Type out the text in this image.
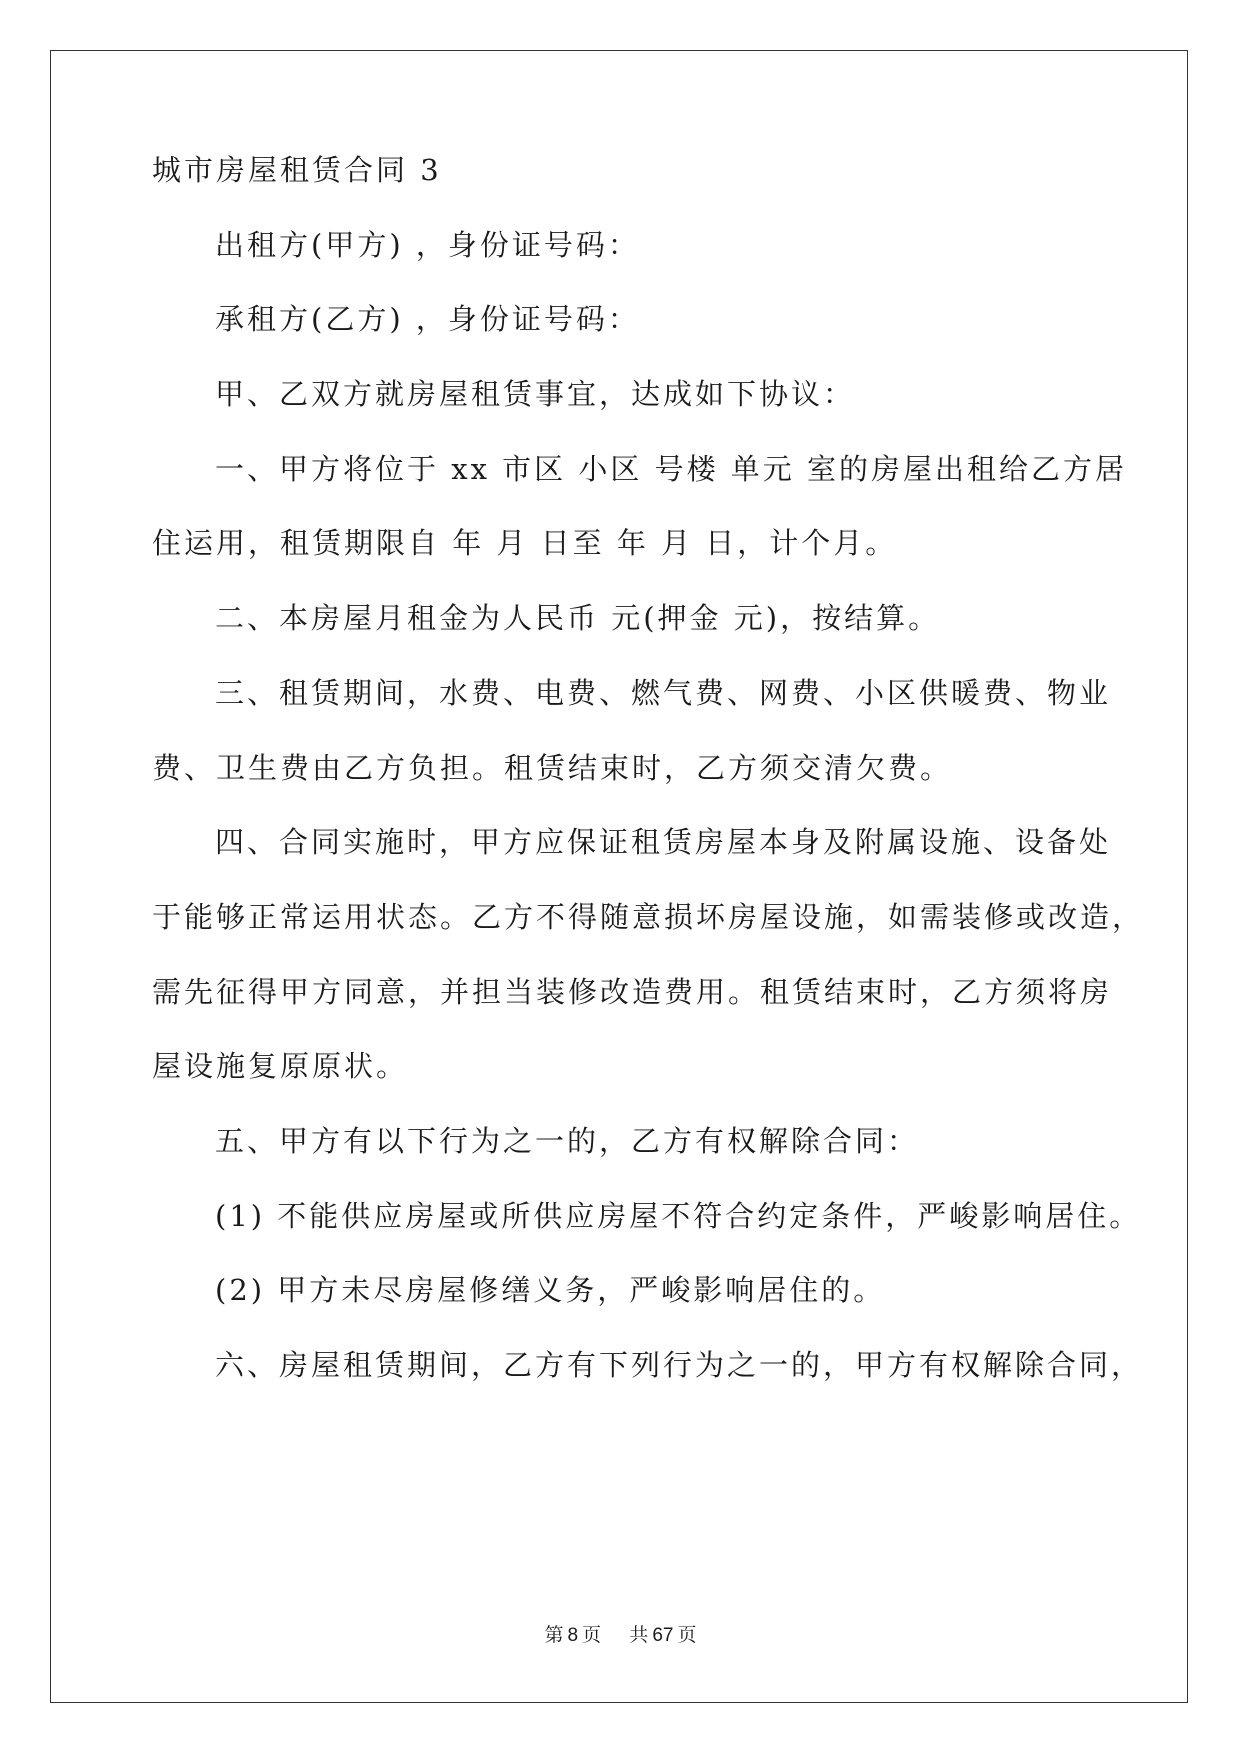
城市房屋租赁合同 3
出租方(甲方) ，身份证号码：
承租方(乙方) ，身份证号码：
甲、乙双方就房屋租赁事宜，达成如下协议：
一、甲方将位于 xx 市区 小区 号楼 单元 室的房屋出租给乙方居
住运用，租赁期限自 年 月 日至 年 月 日，计个月。
二、本房屋月租金为人民币 元(押金 元)，按结算。
三、租赁期间，水费、电费、燃气费、网费、小区供暖费、物业
费、卫生费由乙方负担。租赁结束时，乙方须交清欠费。
四、合同实施时，甲方应保证租赁房屋本身及附属设施、设备处
于能够正常运用状态。乙方不得随意损坏房屋设施，如需装修或改造，
需先征得甲方同意，并担当装修改造费用。租赁结束时，乙方须将房
屋设施复原原状。
五、甲方有以下行为之一的，乙方有权解除合同：
(1) 不能供应房屋或所供应房屋不符合约定条件，严峻影响居住。
(2) 甲方未尽房屋修缮义务，严峻影响居住的。
六、房屋租赁期间，乙方有下列行为之一的，甲方有权解除合同，
第 8 页 共 67 页
